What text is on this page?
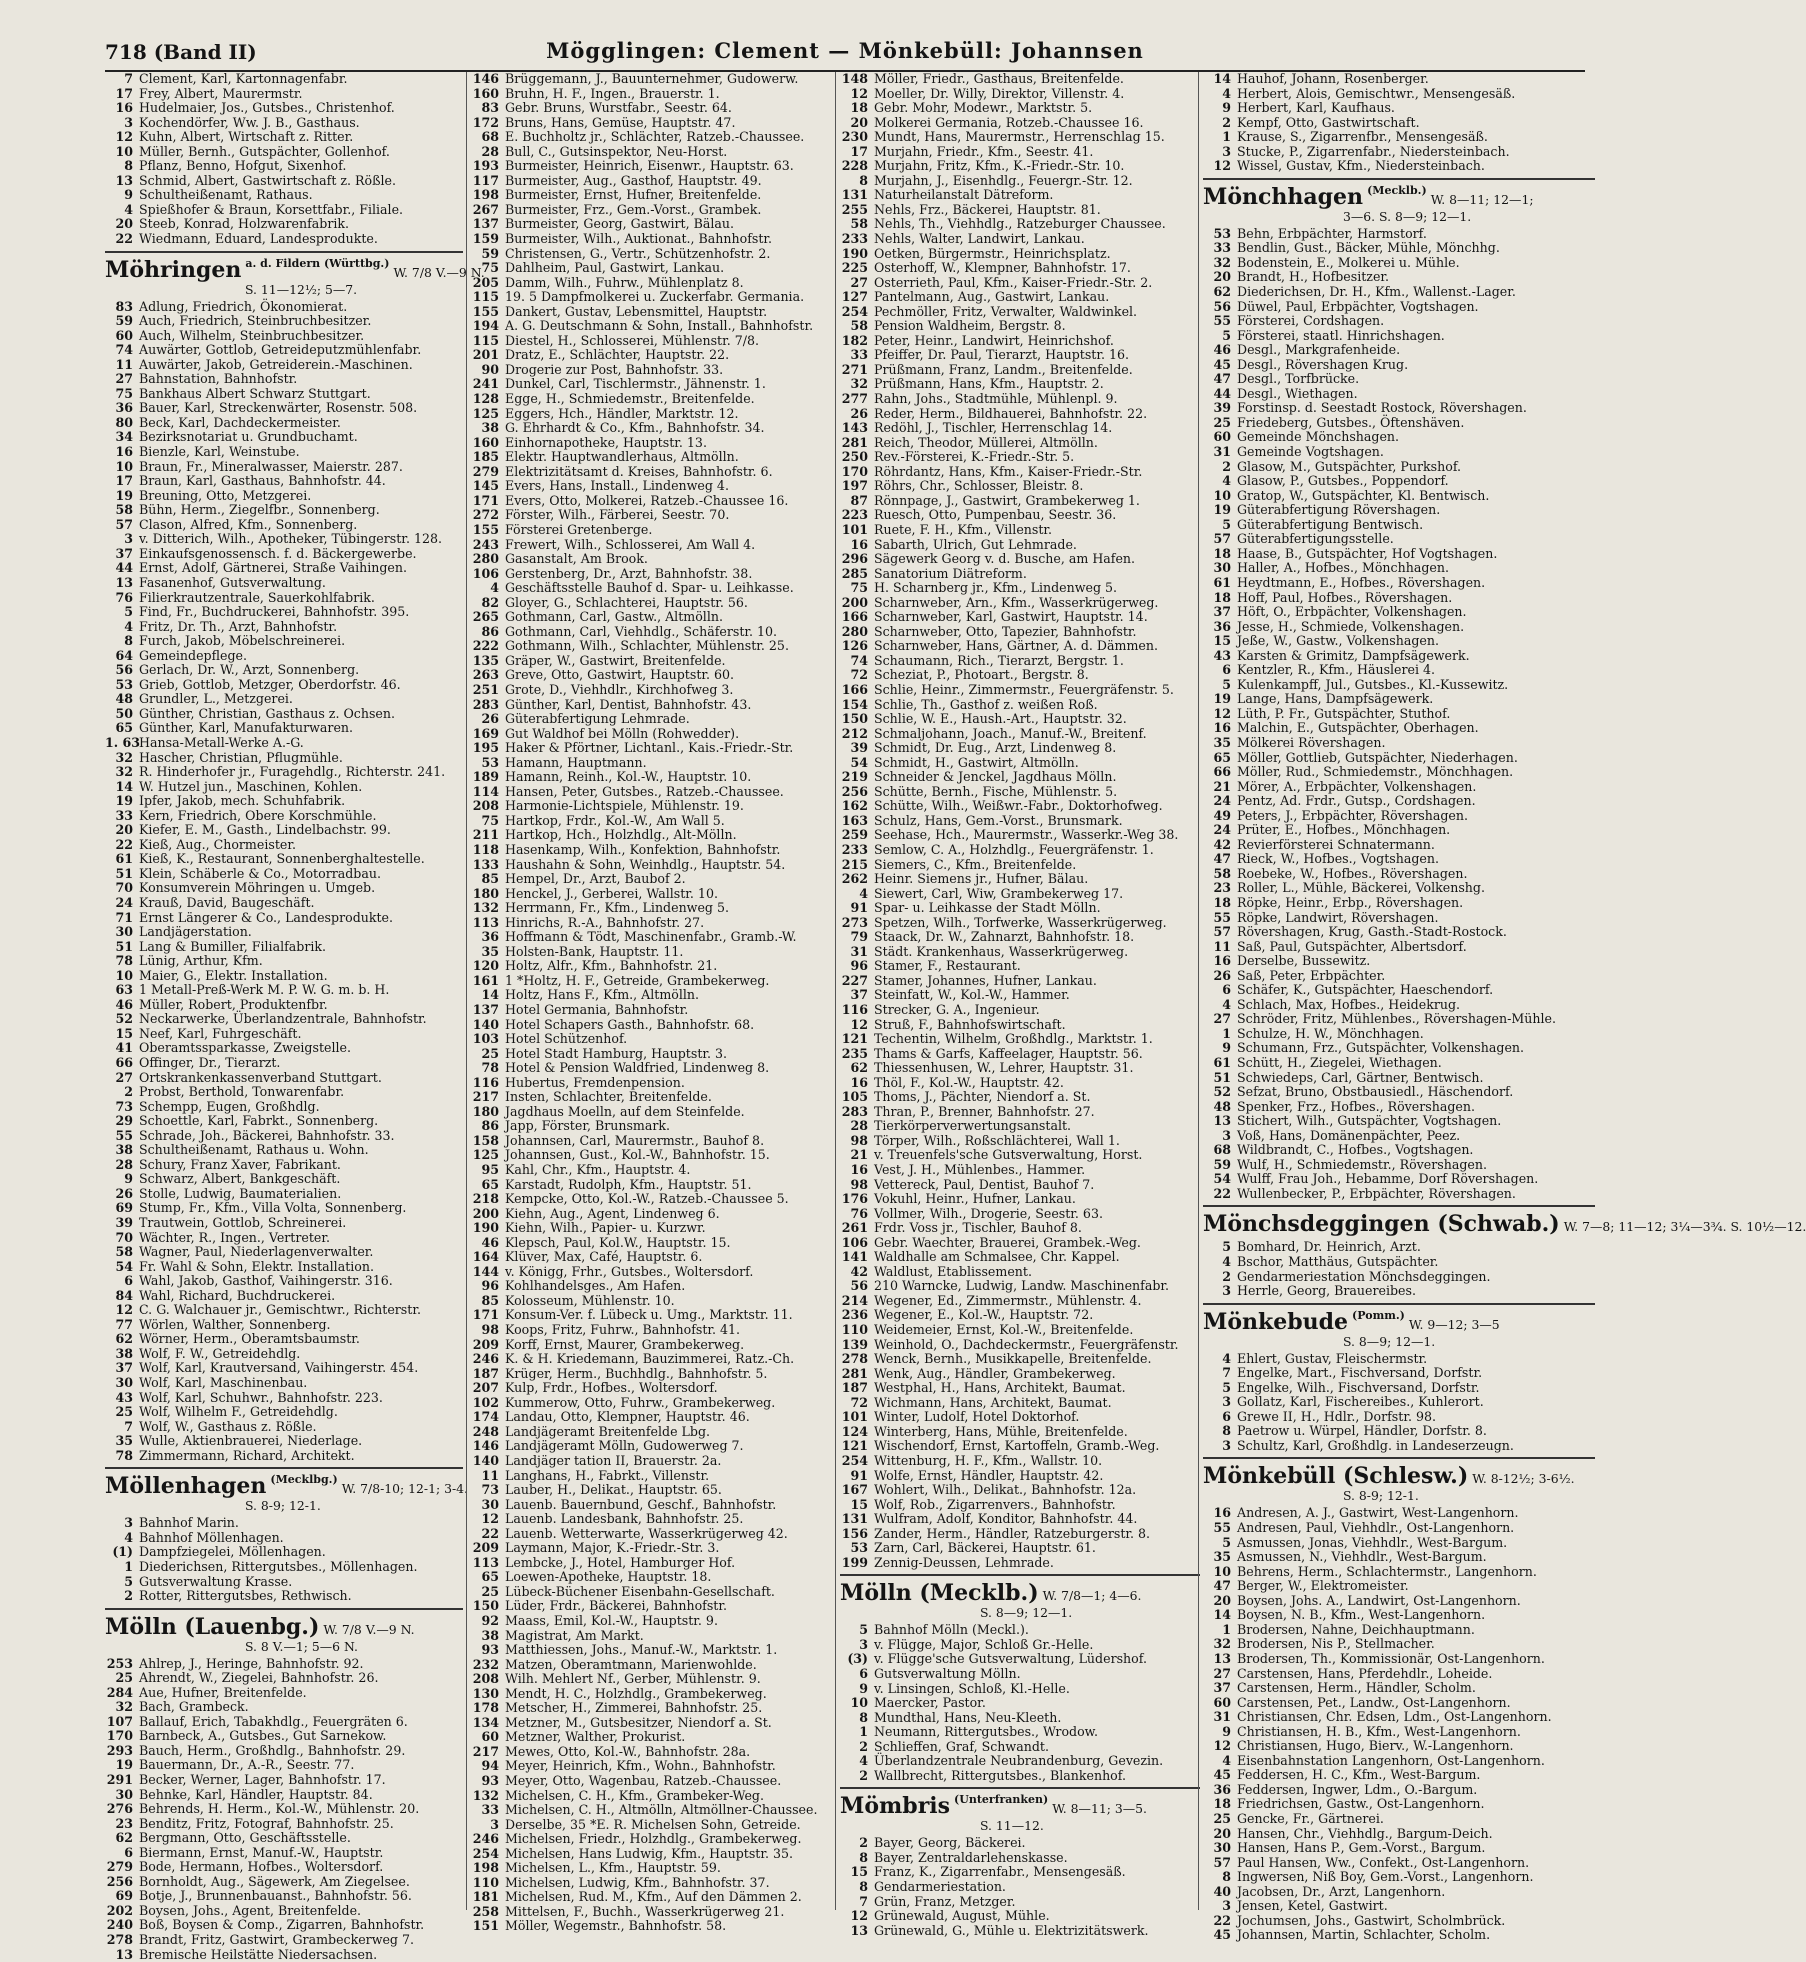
718 (Band II)	Mögglingen: Clement — Mönkebüll: Johannsen
7 Clement, Karl, Kartonnagenfabr.
17 Frey, Albert, Maurermstr.
16 Hudelmaier, Jos., Gutsbes., Christenhof.
3 Kochendörfer, Ww. J. B., Gasthaus.
12 Kuhn, Albert, Wirtschaft z. Ritter.
10 Müller, Bernh., Gutspächter, Gollenhof.
8 Pflanz, Benno, Hofgut, Sixenhof.
13 Schmid, Albert, Gastwirtschaft z. Rößle.
9 Schultheißenamt, Rathaus.
4 Spießhofer & Braun, Korsettfabr., Filiale.
20 Steeb, Konrad, Holzwarenfabrik.
22 Wiedmann, Eduard, Landesprodukte.
Möhringen a. d. Fildern (Württbg.) W. 7/8 V.—9 N.
S. 11—12½; 5—7.
83 Adlung, Friedrich, Ökonomierat.
59 Auch, Friedrich, Steinbruchbesitzer.
60 Auch, Wilhelm, Steinbruchbesitzer.
74 Auwärter, Gottlob, Getreideputzmühlenfabr.
11 Auwärter, Jakob, Getreiderein.-Maschinen.
27 Bahnstation, Bahnhofstr.
75 Bankhaus Albert Schwarz Stuttgart.
36 Bauer, Karl, Streckenwärter, Rosenstr. 508.
80 Beck, Karl, Dachdeckermeister.
34 Bezirksnotariat u. Grundbuchamt.
16 Bienzle, Karl, Weinstube.
10 Braun, Fr., Mineralwasser, Maierstr. 287.
17 Braun, Karl, Gasthaus, Bahnhofstr. 44.
19 Breuning, Otto, Metzgerei.
58 Bühn, Herm., Ziegelfbr., Sonnenberg.
57 Clason, Alfred, Kfm., Sonnenberg.
3 v. Ditterich, Wilh., Apotheker, Tübingerstr. 128.
37 Einkaufsgenossensch. f. d. Bäckergewerbe.
44 Ernst, Adolf, Gärtnerei, Straße Vaihingen.
13 Fasanenhof, Gutsverwaltung.
76 Filierkrautzentrale, Sauerkohlfabrik.
5 Find, Fr., Buchdruckerei, Bahnhofstr. 395.
4 Fritz, Dr. Th., Arzt, Bahnhofstr.
8 Furch, Jakob, Möbelschreinerei.
64 Gemeindepflege.
56 Gerlach, Dr. W., Arzt, Sonnenberg.
53 Grieb, Gottlob, Metzger, Oberdorfstr. 46.
48 Grundler, L., Metzgerei.
50 Günther, Christian, Gasthaus z. Ochsen.
65 Günther, Karl, Manufakturwaren.
1. 63Hansa-Metall-Werke A.-G.
32 Hascher, Christian, Pflugmühle.
32 R. Hinderhofer jr., Furagehdlg., Richterstr. 241.
14 W. Hutzel jun., Maschinen, Kohlen.
19 Ipfer, Jakob, mech. Schuhfabrik.
33 Kern, Friedrich, Obere Korschmühle.
20 Kiefer, E. M., Gasth., Lindelbachstr. 99.
22 Kieß, Aug., Chormeister.
61 Kieß, K., Restaurant, Sonnenberghaltestelle.
51 Klein, Schäberle & Co., Motorradbau.
70 Konsumverein Möhringen u. Umgeb.
24 Krauß, David, Baugeschäft.
71 Ernst Längerer & Co., Landesprodukte.
30 Landjägerstation.
51 Lang & Bumiller, Filialfabrik.
78 Lünig, Arthur, Kfm.
10 Maier, G., Elektr. Installation.
63 1 Metall-Preß-Werk M. P. W. G. m. b. H.
46 Müller, Robert, Produktenfbr.
52 Neckarwerke, Überlandzentrale, Bahnhofstr.
15 Neef, Karl, Fuhrgeschäft.
41 Oberamtssparkasse, Zweigstelle.
66 Offinger, Dr., Tierarzt.
27 Ortskrankenkassenverband Stuttgart.
2 Probst, Berthold, Tonwarenfabr.
73 Schempp, Eugen, Großhdlg.
29 Schoettle, Karl, Fabrkt., Sonnenberg.
55 Schrade, Joh., Bäckerei, Bahnhofstr. 33.
38 Schultheißenamt, Rathaus u. Wohn.
28 Schury, Franz Xaver, Fabrikant.
9 Schwarz, Albert, Bankgeschäft.
26 Stolle, Ludwig, Baumaterialien.
69 Stump, Fr., Kfm., Villa Volta, Sonnenberg.
39 Trautwein, Gottlob, Schreinerei.
70 Wächter, R., Ingen., Vertreter.
58 Wagner, Paul, Niederlagenverwalter.
54 Fr. Wahl & Sohn, Elektr. Installation.
6 Wahl, Jakob, Gasthof, Vaihingerstr. 316.
84 Wahl, Richard, Buchdruckerei.
12 C. G. Walchauer jr., Gemischtwr., Richterstr.
77 Wörlen, Walther, Sonnenberg.
62 Wörner, Herm., Oberamtsbaumstr.
38 Wolf, F. W., Getreidehdlg.
37 Wolf, Karl, Krautversand, Vaihingerstr. 454.
30 Wolf, Karl, Maschinenbau.
43 Wolf, Karl, Schuhwr., Bahnhofstr. 223.
25 Wolf, Wilhelm F., Getreidehdlg.
7 Wolf, W., Gasthaus z. Rößle.
35 Wulle, Aktienbrauerei, Niederlage.
78 Zimmermann, Richard, Architekt.
Möllenhagen (Mecklbg.) W. 7/8-10; 12-1; 3-4.
S. 8-9; 12-1.
3 Bahnhof Marin.
4 Bahnhof Möllenhagen.
(1) Dampfziegelei, Möllenhagen.
1 Diederichsen, Rittergutsbes., Möllenhagen.
5 Gutsverwaltung Krasse.
2 Rotter, Rittergutsbes, Rethwisch.
Mölln (Lauenbg.) W. 7/8 V.—9 N.
S. 8 V.—1; 5—6 N.
253 Ahlrep, J., Heringe, Bahnhofstr. 92.
25 Ahrendt, W., Ziegelei, Bahnhofstr. 26.
284 Aue, Hufner, Breitenfelde.
32 Bach, Grambeck.
107 Ballauf, Erich, Tabakhdlg., Feuergräten 6.
170 Barnbeck, A., Gutsbes., Gut Sarnekow.
293 Bauch, Herm., Großhdlg., Bahnhofstr. 29.
19 Bauermann, Dr., A.-R., Seestr. 77.
291 Becker, Werner, Lager, Bahnhofstr. 17.
30 Behnke, Karl, Händler, Hauptstr. 84.
276 Behrends, H. Herm., Kol.-W., Mühlenstr. 20.
23 Benditz, Fritz, Fotograf, Bahnhofstr. 25.
62 Bergmann, Otto, Geschäftsstelle.
6 Biermann, Ernst, Manuf.-W., Hauptstr.
279 Bode, Hermann, Hofbes., Woltersdorf.
256 Bornholdt, Aug., Sägewerk, Am Ziegelsee.
69 Botje, J., Brunnenbauanst., Bahnhofstr. 56.
202 Boysen, Johs., Agent, Breitenfelde.
240 Boß, Boysen & Comp., Zigarren, Bahnhofstr.
278 Brandt, Fritz, Gastwirt, Grambeckerweg 7.
13 Bremische Heilstätte Niedersachsen.
146 Brüggemann, J., Bauunternehmer, Gudowerw.
160 Bruhn, H. F., Ingen., Brauerstr. 1.
83 Gebr. Bruns, Wurstfabr., Seestr. 64.
172 Bruns, Hans, Gemüse, Hauptstr. 47.
68 E. Buchholtz jr., Schlächter, Ratzeb.-Chaussee.
28 Bull, C., Gutsinspektor, Neu-Horst.
193 Burmeister, Heinrich, Eisenwr., Hauptstr. 63.
117 Burmeister, Aug., Gasthof, Hauptstr. 49.
198 Burmeister, Ernst, Hufner, Breitenfelde.
267 Burmeister, Frz., Gem.-Vorst., Grambek.
137 Burmeister, Georg, Gastwirt, Bälau.
159 Burmeister, Wilh., Auktionat., Bahnhofstr.
59 Christensen, G., Vertr., Schützenhofstr. 2.
75 Dahlheim, Paul, Gastwirt, Lankau.
205 Damm, Wilh., Fuhrw., Mühlenplatz 8.
115 19. 5 Dampfmolkerei u. Zuckerfabr. Germania.
155 Dankert, Gustav, Lebensmittel, Hauptstr.
194 A. G. Deutschmann & Sohn, Install., Bahnhofstr.
115 Diestel, H., Schlosserei, Mühlenstr. 7/8.
201 Dratz, E., Schlächter, Hauptstr. 22.
90 Drogerie zur Post, Bahnhofstr. 33.
241 Dunkel, Carl, Tischlermstr., Jähnenstr. 1.
128 Egge, H., Schmiedemstr., Breitenfelde.
125 Eggers, Hch., Händler, Marktstr. 12.
38 G. Ehrhardt & Co., Kfm., Bahnhofstr. 34.
160 Einhornapotheke, Hauptstr. 13.
185 Elektr. Hauptwandlerhaus, Altmölln.
279 Elektrizitätsamt d. Kreises, Bahnhofstr. 6.
145 Evers, Hans, Install., Lindenweg 4.
171 Evers, Otto, Molkerei, Ratzeb.-Chaussee 16.
272 Förster, Wilh., Färberei, Seestr. 70.
155 Försterei Gretenberge.
243 Frewert, Wilh., Schlosserei, Am Wall 4.
280 Gasanstalt, Am Brook.
106 Gerstenberg, Dr., Arzt, Bahnhofstr. 38.
4 Geschäftsstelle Bauhof d. Spar- u. Leihkasse.
82 Gloyer, G., Schlachterei, Hauptstr. 56.
265 Gothmann, Carl, Gastw., Altmölln.
86 Gothmann, Carl, Viehhdlg., Schäferstr. 10.
222 Gothmann, Wilh., Schlachter, Mühlenstr. 25.
135 Gräper, W., Gastwirt, Breitenfelde.
263 Greve, Otto, Gastwirt, Hauptstr. 60.
251 Grote, D., Viehhdlr., Kirchhofweg 3.
283 Günther, Karl, Dentist, Bahnhofstr. 43.
26 Güterabfertigung Lehmrade.
169 Gut Waldhof bei Mölln (Rohwedder).
195 Haker & Pförtner, Lichtanl., Kais.-Friedr.-Str.
53 Hamann, Hauptmann.
189 Hamann, Reinh., Kol.-W., Hauptstr. 10.
114 Hansen, Peter, Gutsbes., Ratzeb.-Chaussee.
208 Harmonie-Lichtspiele, Mühlenstr. 19.
75 Hartkop, Frdr., Kol.-W., Am Wall 5.
211 Hartkop, Hch., Holzhdlg., Alt-Mölln.
118 Hasenkamp, Wilh., Konfektion, Bahnhofstr.
133 Haushahn & Sohn, Weinhdlg., Hauptstr. 54.
85 Hempel, Dr., Arzt, Baubof 2.
180 Henckel, J., Gerberei, Wallstr. 10.
132 Herrmann, Fr., Kfm., Lindenweg 5.
113 Hinrichs, R.-A., Bahnhofstr. 27.
36 Hoffmann & Tödt, Maschinenfabr., Gramb.-W.
35 Holsten-Bank, Hauptstr. 11.
120 Holtz, Alfr., Kfm., Bahnhofstr. 21.
161 1 *Holtz, H. F., Getreide, Grambekerweg.
14 Holtz, Hans F., Kfm., Altmölln.
137 Hotel Germania, Bahnhofstr.
140 Hotel Schapers Gasth., Bahnhofstr. 68.
103 Hotel Schützenhof.
25 Hotel Stadt Hamburg, Hauptstr. 3.
78 Hotel & Pension Waldfried, Lindenweg 8.
116 Hubertus, Fremdenpension.
217 Insten, Schlachter, Breitenfelde.
180 Jagdhaus Moelln, auf dem Steinfelde.
86 Japp, Förster, Brunsmark.
158 Johannsen, Carl, Maurermstr., Bauhof 8.
125 Johannsen, Gust., Kol.-W., Bahnhofstr. 15.
95 Kahl, Chr., Kfm., Hauptstr. 4.
65 Karstadt, Rudolph, Kfm., Hauptstr. 51.
218 Kempcke, Otto, Kol.-W., Ratzeb.-Chaussee 5.
200 Kiehn, Aug., Agent, Lindenweg 6.
190 Kiehn, Wilh., Papier- u. Kurzwr.
46 Klepsch, Paul, Kol.W., Hauptstr. 15.
164 Klüver, Max, Café, Hauptstr. 6.
144 v. Königg, Frhr., Gutsbes., Woltersdorf.
96 Kohlhandelsges., Am Hafen.
85 Kolosseum, Mühlenstr. 10.
171 Konsum-Ver. f. Lübeck u. Umg., Marktstr. 11.
98 Koops, Fritz, Fuhrw., Bahnhofstr. 41.
209 Korff, Ernst, Maurer, Grambekerweg.
246 K. & H. Kriedemann, Bauzimmerei, Ratz.-Ch.
187 Krüger, Herm., Buchhdlg., Bahnhofstr. 5.
207 Kulp, Frdr., Hofbes., Woltersdorf.
102 Kummerow, Otto, Fuhrw., Grambekerweg.
174 Landau, Otto, Klempner, Hauptstr. 46.
248 Landjägeramt Breitenfelde Lbg.
146 Landjägeramt Mölln, Gudowerweg 7.
140 Landjäger tation II, Brauerstr. 2a.
11 Langhans, H., Fabrkt., Villenstr.
73 Lauber, H., Delikat., Hauptstr. 65.
30 Lauenb. Bauernbund, Geschf., Bahnhofstr.
12 Lauenb. Landesbank, Bahnhofstr. 25.
22 Lauenb. Wetterwarte, Wasserkrügerweg 42.
209 Laymann, Major, K.-Friedr.-Str. 3.
113 Lembcke, J., Hotel, Hamburger Hof.
65 Loewen-Apotheke, Hauptstr. 18.
25 Lübeck-Büchener Eisenbahn-Gesellschaft.
150 Lüder, Frdr., Bäckerei, Bahnhofstr.
92 Maass, Emil, Kol.-W., Hauptstr. 9.
38 Magistrat, Am Markt.
93 Matthiessen, Johs., Manuf.-W., Marktstr. 1.
232 Matzen, Oberamtmann, Marienwohlde.
208 Wilh. Mehlert Nf., Gerber, Mühlenstr. 9.
130 Mendt, H. C., Holzhdlg., Grambekerweg.
178 Metscher, H., Zimmerei, Bahnhofstr. 25.
134 Metzner, M., Gutsbesitzer, Niendorf a. St.
60 Metzner, Walther, Prokurist.
217 Mewes, Otto, Kol.-W., Bahnhofstr. 28a.
94 Meyer, Heinrich, Kfm., Wohn., Bahnhofstr.
93 Meyer, Otto, Wagenbau, Ratzeb.-Chaussee.
132 Michelsen, C. H., Kfm., Grambeker-Weg.
33 Michelsen, C. H., Altmölln, Altmöllner-Chaussee.
3 Derselbe, 35 *E. R. Michelsen Sohn, Getreide.
246 Michelsen, Friedr., Holzhdlg., Grambekerweg.
254 Michelsen, Hans Ludwig, Kfm., Hauptstr. 35.
198 Michelsen, L., Kfm., Hauptstr. 59.
110 Michelsen, Ludwig, Kfm., Bahnhofstr. 37.
181 Michelsen, Rud. M., Kfm., Auf den Dämmen 2.
258 Mittelsen, F., Buchh., Wasserkrügerweg 21.
151 Möller, Wegemstr., Bahnhofstr. 58.
148 Möller, Friedr., Gasthaus, Breitenfelde.
12 Moeller, Dr. Willy, Direktor, Villenstr. 4.
18 Gebr. Mohr, Modewr., Marktstr. 5.
20 Molkerei Germania, Rotzeb.-Chaussee 16.
230 Mundt, Hans, Maurermstr., Herrenschlag 15.
17 Murjahn, Friedr., Kfm., Seestr. 41.
228 Murjahn, Fritz, Kfm., K.-Friedr.-Str. 10.
8 Murjahn, J., Eisenhdlg., Feuergr.-Str. 12.
131 Naturheilanstalt Dätreform.
255 Nehls, Frz., Bäckerei, Hauptstr. 81.
58 Nehls, Th., Viehhdlg., Ratzeburger Chaussee.
233 Nehls, Walter, Landwirt, Lankau.
190 Oetken, Bürgermstr., Heinrichsplatz.
225 Osterhoff, W., Klempner, Bahnhofstr. 17.
27 Osterrieth, Paul, Kfm., Kaiser-Friedr.-Str. 2.
127 Pantelmann, Aug., Gastwirt, Lankau.
254 Pechmöller, Fritz, Verwalter, Waldwinkel.
58 Pension Waldheim, Bergstr. 8.
182 Peter, Heinr., Landwirt, Heinrichshof.
33 Pfeiffer, Dr. Paul, Tierarzt, Hauptstr. 16.
271 Prüßmann, Franz, Landm., Breitenfelde.
32 Prüßmann, Hans, Kfm., Hauptstr. 2.
277 Rahn, Johs., Stadtmühle, Mühlenpl. 9.
26 Reder, Herm., Bildhauerei, Bahnhofstr. 22.
143 Redöhl, J., Tischler, Herrenschlag 14.
281 Reich, Theodor, Müllerei, Altmölln.
250 Rev.-Försterei, K.-Friedr.-Str. 5.
170 Röhrdantz, Hans, Kfm., Kaiser-Friedr.-Str.
197 Röhrs, Chr., Schlosser, Bleistr. 8.
87 Rönnpage, J., Gastwirt, Grambekerweg 1.
223 Ruesch, Otto, Pumpenbau, Seestr. 36.
101 Ruete, F. H., Kfm., Villenstr.
16 Sabarth, Ulrich, Gut Lehmrade.
296 Sägewerk Georg v. d. Busche, am Hafen.
285 Sanatorium Diätreform.
75 H. Scharnberg jr., Kfm., Lindenweg 5.
200 Scharnweber, Arn., Kfm., Wasserkrügerweg.
166 Scharnweber, Karl, Gastwirt, Hauptstr. 14.
280 Scharnweber, Otto, Tapezier, Bahnhofstr.
126 Scharnweber, Hans, Gärtner, A. d. Dämmen.
74 Schaumann, Rich., Tierarzt, Bergstr. 1.
72 Scheziat, P., Photoart., Bergstr. 8.
166 Schlie, Heinr., Zimmermstr., Feuergräfenstr. 5.
154 Schlie, Th., Gasthof z. weißen Roß.
150 Schlie, W. E., Haush.-Art., Hauptstr. 32.
212 Schmaljohann, Joach., Manuf.-W., Breitenf.
39 Schmidt, Dr. Eug., Arzt, Lindenweg 8.
54 Schmidt, H., Gastwirt, Altmölln.
219 Schneider & Jenckel, Jagdhaus Mölln.
256 Schütte, Bernh., Fische, Mühlenstr. 5.
162 Schütte, Wilh., Weißwr.-Fabr., Doktorhofweg.
163 Schulz, Hans, Gem.-Vorst., Brunsmark.
259 Seehase, Hch., Maurermstr., Wasserkr.-Weg 38.
233 Semlow, C. A., Holzhdlg., Feuergräfenstr. 1.
215 Siemers, C., Kfm., Breitenfelde.
262 Heinr. Siemens jr., Hufner, Bälau.
4 Siewert, Carl, Wiw, Grambekerweg 17.
91 Spar- u. Leihkasse der Stadt Mölln.
273 Spetzen, Wilh., Torfwerke, Wasserkrügerweg.
79 Staack, Dr. W., Zahnarzt, Bahnhofstr. 18.
31 Städt. Krankenhaus, Wasserkrügerweg.
96 Stamer, F., Restaurant.
227 Stamer, Johannes, Hufner, Lankau.
37 Steinfatt, W., Kol.-W., Hammer.
116 Strecker, G. A., Ingenieur.
12 Struß, F., Bahnhofswirtschaft.
121 Techentin, Wilhelm, Großhdlg., Marktstr. 1.
235 Thams & Garfs, Kaffeelager, Hauptstr. 56.
62 Thiessenhusen, W., Lehrer, Hauptstr. 31.
16 Thöl, F., Kol.-W., Hauptstr. 42.
105 Thoms, J., Pächter, Niendorf a. St.
283 Thran, P., Brenner, Bahnhofstr. 27.
28 Tierkörperverwertungsanstalt.
98 Törper, Wilh., Roßschlächterei, Wall 1.
21 v. Treuenfels'sche Gutsverwaltung, Horst.
16 Vest, J. H., Mühlenbes., Hammer.
98 Vettereck, Paul, Dentist, Bauhof 7.
176 Vokuhl, Heinr., Hufner, Lankau.
76 Vollmer, Wilh., Drogerie, Seestr. 63.
261 Frdr. Voss jr., Tischler, Bauhof 8.
106 Gebr. Waechter, Brauerei, Grambek.-Weg.
141 Waldhalle am Schmalsee, Chr. Kappel.
42 Waldlust, Etablissement.
56 210 Warncke, Ludwig, Landw. Maschinenfabr.
214 Wegener, Ed., Zimmermstr., Mühlenstr. 4.
236 Wegener, E., Kol.-W., Hauptstr. 72.
110 Weidemeier, Ernst, Kol.-W., Breitenfelde.
139 Weinhold, O., Dachdeckermstr., Feuergräfenstr.
278 Wenck, Bernh., Musikkapelle, Breitenfelde.
281 Wenk, Aug., Händler, Grambekerweg.
187 Westphal, H., Hans, Architekt, Baumat.
72 Wichmann, Hans, Architekt, Baumat.
101 Winter, Ludolf, Hotel Doktorhof.
124 Winterberg, Hans, Mühle, Breitenfelde.
121 Wischendorf, Ernst, Kartoffeln, Gramb.-Weg.
254 Wittenburg, H. F., Kfm., Wallstr. 10.
91 Wolfe, Ernst, Händler, Hauptstr. 42.
167 Wohlert, Wilh., Delikat., Bahnhofstr. 12a.
15 Wolf, Rob., Zigarrenvers., Bahnhofstr.
131 Wulfram, Adolf, Konditor, Bahnhofstr. 44.
156 Zander, Herm., Händler, Ratzeburgerstr. 8.
53 Zarn, Carl, Bäckerei, Hauptstr. 61.
199 Zennig-Deussen, Lehmrade.
Mölln (Mecklb.) W. 7/8—1; 4—6.
S. 8—9; 12—1.
5 Bahnhof Mölln (Meckl.).
3 v. Flügge, Major, Schloß Gr.-Helle.
(3) v. Flügge'sche Gutsverwaltung, Lüdershof.
6 Gutsverwaltung Mölln.
9 v. Linsingen, Schloß, Kl.-Helle.
10 Maercker, Pastor.
8 Mundthal, Hans, Neu-Kleeth.
1 Neumann, Rittergutsbes., Wrodow.
2 Schlieffen, Graf, Schwandt.
4 Überlandzentrale Neubrandenburg, Gevezin.
2 Wallbrecht, Rittergutsbes., Blankenhof.
Mömbris (Unterfranken) W. 8—11; 3—5.
S. 11—12.
2 Bayer, Georg, Bäckerei.
8 Bayer, Zentraldarlehenskasse.
15 Franz, K., Zigarrenfabr., Mensengesäß.
8 Gendarmeriestation.
7 Grün, Franz, Metzger.
12 Grünewald, August, Mühle.
13 Grünewald, G., Mühle u. Elektrizitätswerk.
14 Hauhof, Johann, Rosenberger.
4 Herbert, Alois, Gemischtwr., Mensengesäß.
9 Herbert, Karl, Kaufhaus.
2 Kempf, Otto, Gastwirtschaft.
1 Krause, S., Zigarrenfbr., Mensengesäß.
3 Stucke, P., Zigarrenfabr., Niedersteinbach.
12 Wissel, Gustav, Kfm., Niedersteinbach.
Mönchhagen (Mecklb.) W. 8—11; 12—1;
3—6. S. 8—9; 12—1.
53 Behn, Erbpächter, Harmstorf.
33 Bendlin, Gust., Bäcker, Mühle, Mönchhg.
32 Bodenstein, E., Molkerei u. Mühle.
20 Brandt, H., Hofbesitzer.
62 Diederichsen, Dr. H., Kfm., Wallenst.-Lager.
56 Düwel, Paul, Erbpächter, Vogtshagen.
55 Försterei, Cordshagen.
5 Försterei, staatl. Hinrichshagen.
46 Desgl., Markgrafenheide.
45 Desgl., Rövershagen Krug.
47 Desgl., Torfbrücke.
44 Desgl., Wiethagen.
39 Forstinsp. d. Seestadt Rostock, Rövershagen.
25 Friedeberg, Gutsbes., Öftenshäven.
60 Gemeinde Mönchshagen.
31 Gemeinde Vogtshagen.
2 Glasow, M., Gutspächter, Purkshof.
4 Glasow, P., Gutsbes., Poppendorf.
10 Gratop, W., Gutspächter, Kl. Bentwisch.
19 Güterabfertigung Rövershagen.
5 Güterabfertigung Bentwisch.
57 Güterabfertigungsstelle.
18 Haase, B., Gutspächter, Hof Vogtshagen.
30 Haller, A., Hofbes., Mönchhagen.
61 Heydtmann, E., Hofbes., Rövershagen.
18 Hoff, Paul, Hofbes., Rövershagen.
37 Höft, O., Erbpächter, Volkenshagen.
36 Jesse, H., Schmiede, Volkenshagen.
15 Jeße, W., Gastw., Volkenshagen.
43 Karsten & Grimitz, Dampfsägewerk.
6 Kentzler, R., Kfm., Häuslerei 4.
5 Kulenkampff, Jul., Gutsbes., Kl.-Kussewitz.
19 Lange, Hans, Dampfsägewerk.
12 Lüth, P. Fr., Gutspächter, Stuthof.
16 Malchin, E., Gutspächter, Oberhagen.
35 Mölkerei Rövershagen.
65 Möller, Gottlieb, Gutspächter, Niederhagen.
66 Möller, Rud., Schmiedemstr., Mönchhagen.
21 Mörer, A., Erbpächter, Volkenshagen.
24 Pentz, Ad. Frdr., Gutsp., Cordshagen.
49 Peters, J., Erbpächter, Rövershagen.
24 Prüter, E., Hofbes., Mönchhagen.
42 Revierförsterei Schnatermann.
47 Rieck, W., Hofbes., Vogtshagen.
58 Roebeke, W., Hofbes., Rövershagen.
23 Roller, L., Mühle, Bäckerei, Volkenshg.
18 Röpke, Heinr., Erbp., Rövershagen.
55 Röpke, Landwirt, Rövershagen.
57 Rövershagen, Krug, Gasth.-Stadt-Rostock.
11 Saß, Paul, Gutspächter, Albertsdorf.
16 Derselbe, Bussewitz.
26 Saß, Peter, Erbpächter.
6 Schäfer, K., Gutspächter, Haeschendorf.
4 Schlach, Max, Hofbes., Heidekrug.
27 Schröder, Fritz, Mühlenbes., Rövershagen-Mühle.
1 Schulze, H. W., Mönchhagen.
9 Schumann, Frz., Gutspächter, Volkenshagen.
61 Schütt, H., Ziegelei, Wiethagen.
51 Schwiedeps, Carl, Gärtner, Bentwisch.
52 Sefzat, Bruno, Obstbausiedl., Häschendorf.
48 Spenker, Frz., Hofbes., Rövershagen.
13 Stichert, Wilh., Gutspächter, Vogtshagen.
3 Voß, Hans, Domänenpächter, Peez.
68 Wildbrandt, C., Hofbes., Vogtshagen.
59 Wulf, H., Schmiedemstr., Rövershagen.
54 Wulff, Frau Joh., Hebamme, Dorf Rövershagen.
22 Wullenbecker, P., Erbpächter, Rövershagen.
Mönchsdeggingen (Schwab.) W. 7—8; 11—12; 3¼—3¾. S. 10½—12.
5 Bomhard, Dr. Heinrich, Arzt.
4 Bschor, Matthäus, Gutspächter.
2 Gendarmeriestation Mönchsdeggingen.
3 Herrle, Georg, Brauereibes.
Mönkebude (Pomm.) W. 9—12; 3—5
S. 8—9; 12—1.
4 Ehlert, Gustav, Fleischermstr.
7 Engelke, Mart., Fischversand, Dorfstr.
5 Engelke, Wilh., Fischversand, Dorfstr.
3 Gollatz, Karl, Fischereibes., Kuhlerort.
6 Grewe II, H., Hdlr., Dorfstr. 98.
8 Paetrow u. Würpel, Händler, Dorfstr. 8.
3 Schultz, Karl, Großhdlg. in Landeserzeugn.
Mönkebüll (Schlesw.) W. 8-12½; 3-6½.
S. 8-9; 12-1.
16 Andresen, A. J., Gastwirt, West-Langenhorn.
55 Andresen, Paul, Viehhdlr., Ost-Langenhorn.
5 Asmussen, Jonas, Viehhdlr., West-Bargum.
35 Asmussen, N., Viehhdlr., West-Bargum.
10 Behrens, Herm., Schlachtermstr., Langenhorn.
47 Berger, W., Elektromeister.
20 Boysen, Johs. A., Landwirt, Ost-Langenhorn.
14 Boysen, N. B., Kfm., West-Langenhorn.
1 Brodersen, Nahne, Deichhauptmann.
32 Brodersen, Nis P., Stellmacher.
13 Brodersen, Th., Kommissionär, Ost-Langenhorn.
27 Carstensen, Hans, Pferdehdlr., Loheide.
37 Carstensen, Herm., Händler, Scholm.
60 Carstensen, Pet., Landw., Ost-Langenhorn.
31 Christiansen, Chr. Edsen, Ldm., Ost-Langenhorn.
9 Christiansen, H. B., Kfm., West-Langenhorn.
12 Christiansen, Hugo, Bierv., W.-Langenhorn.
4 Eisenbahnstation Langenhorn, Ost-Langenhorn.
45 Feddersen, H. C., Kfm., West-Bargum.
36 Feddersen, Ingwer, Ldm., O.-Bargum.
18 Friedrichsen, Gastw., Ost-Langenhorn.
25 Gencke, Fr., Gärtnerei.
20 Hansen, Chr., Viehhdlg., Bargum-Deich.
30 Hansen, Hans P., Gem.-Vorst., Bargum.
57 Paul Hansen, Ww., Confekt., Ost-Langenhorn.
8 Ingwersen, Niß Boy, Gem.-Vorst., Langenhorn.
40 Jacobsen, Dr., Arzt, Langenhorn.
3 Jensen, Ketel, Gastwirt.
22 Jochumsen, Johs., Gastwirt, Scholmbrück.
45 Johannsen, Martin, Schlachter, Scholm.
